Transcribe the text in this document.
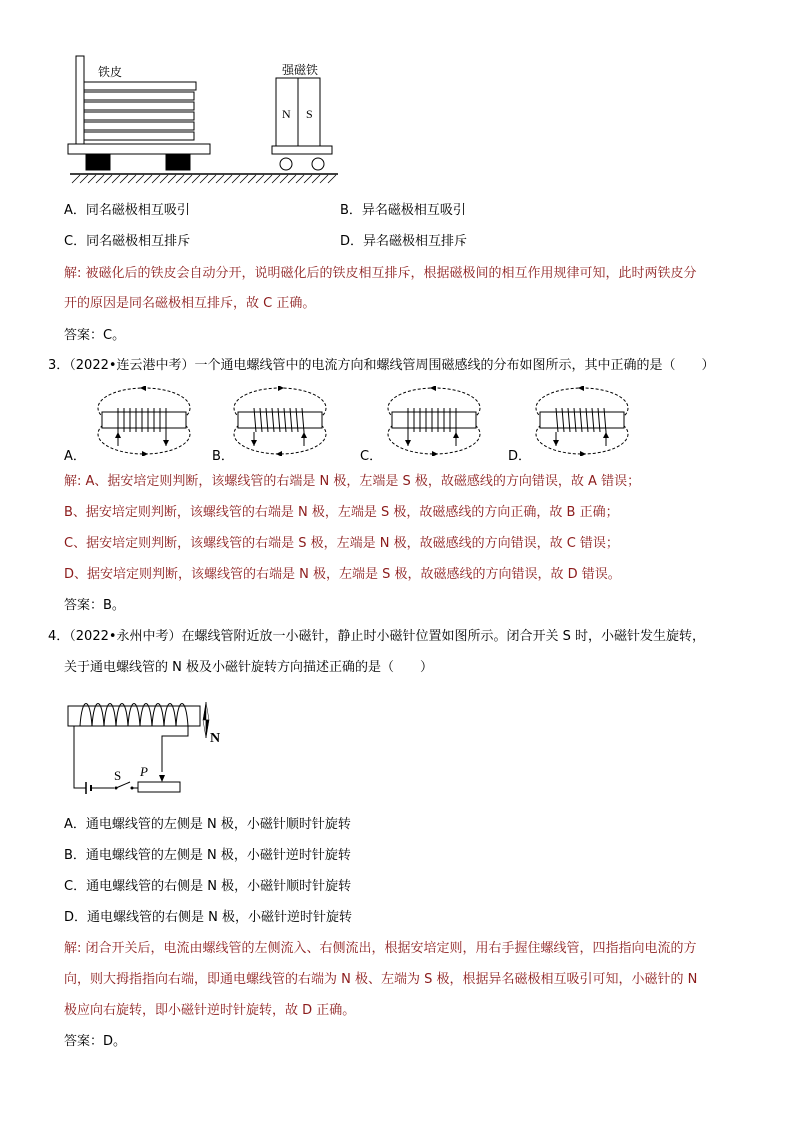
N S
铁皮	强磁铁
A．同名磁极相互吸引	B．异名磁极相互吸引
C．同名磁极相互排斥	D．异名磁极相互排斥
解: 被磁化后的铁皮会自动分开，说明磁化后的铁皮相互排斥，根据磁极间的相互作用规律可知，此时两铁皮分
开的原因是同名磁极相互排斥，故 C 正确。
答案：C。
3．（2022•连云港中考）一个通电螺线管中的电流方向和螺线管周围磁感线的分布如图所示，其中正确的是（　　）
A．	B．	C．	D．
解: A、据安培定则判断，该螺线管的右端是 N 极，左端是 S 极，故磁感线的方向错误，故 A 错误；
B、据安培定则判断，该螺线管的右端是 N 极，左端是 S 极，故磁感线的方向正确，故 B 正确；
C、据安培定则判断，该螺线管的右端是 S 极，左端是 N 极，故磁感线的方向错误，故 C 错误；
D、据安培定则判断，该螺线管的右端是 N 极，左端是 S 极，故磁感线的方向错误，故 D 错误。
答案：B。
4．（2022•永州中考）在螺线管附近放一小磁针，静止时小磁针位置如图所示。闭合开关 S 时，小磁针发生旋转，
关于通电螺线管的 N 极及小磁针旋转方向描述正确的是（　　）
N
S P
A．通电螺线管的左侧是 N 极，小磁针顺时针旋转
B．通电螺线管的左侧是 N 极，小磁针逆时针旋转
C．通电螺线管的右侧是 N 极，小磁针顺时针旋转
D．通电螺线管的右侧是 N 极，小磁针逆时针旋转
解: 闭合开关后，电流由螺线管的左侧流入、右侧流出，根据安培定则，用右手握住螺线管，四指指向电流的方
向，则大拇指指向右端，即通电螺线管的右端为 N 极、左端为 S 极，根据异名磁极相互吸引可知，小磁针的 N
极应向右旋转，即小磁针逆时针旋转，故 D 正确。
答案：D。
